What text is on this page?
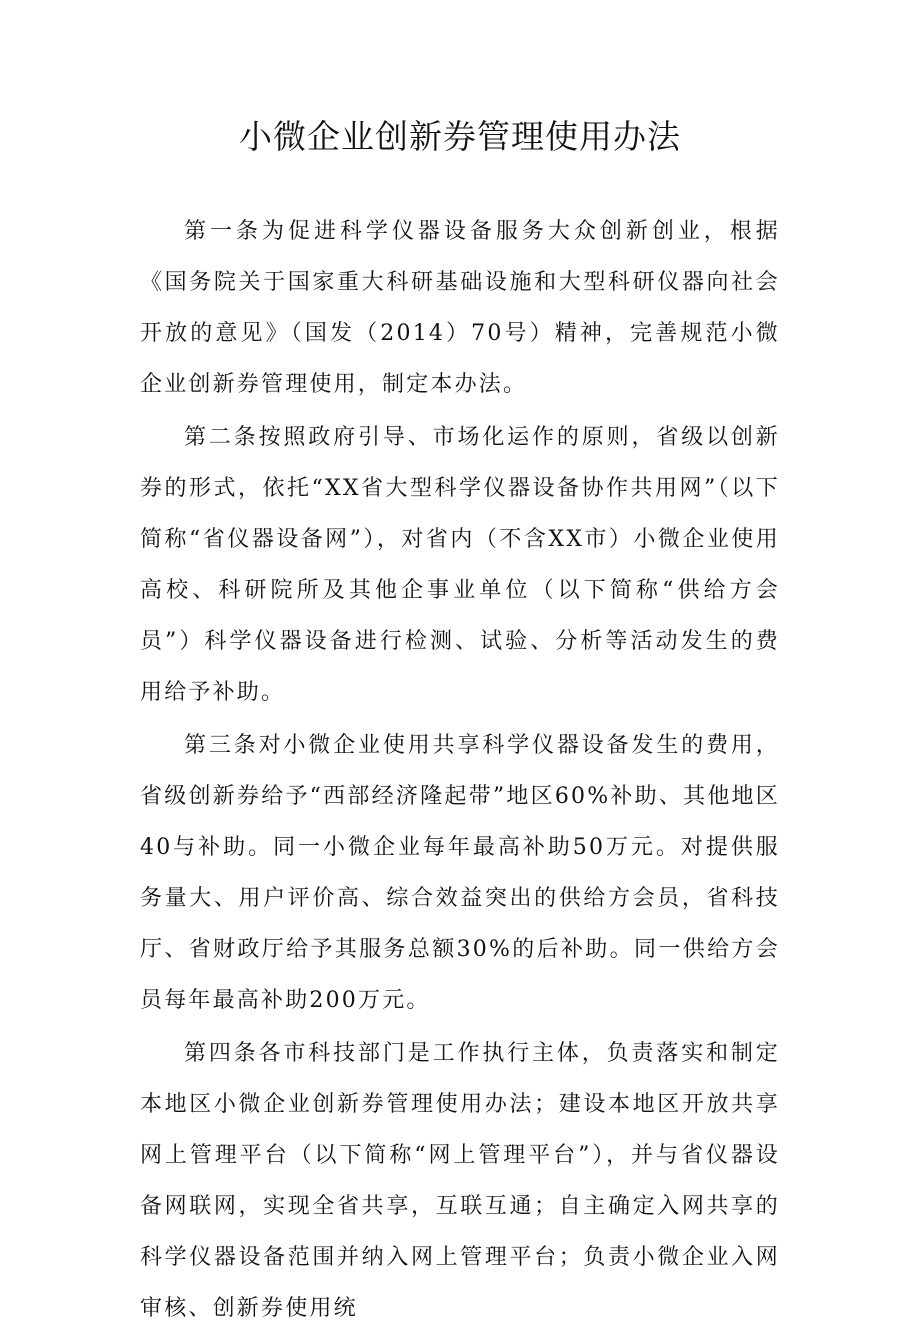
小微企业创新券管理使用办法

第一条为促进科学仪器设备服务大众创新创业，根据《国务院关于国家重大科研基础设施和大型科研仪器向社会开放的意见》（国发（2014）70号）精神，完善规范小微企业创新券管理使用，制定本办法。

第二条按照政府引导、市场化运作的原则，省级以创新券的形式，依托“XX省大型科学仪器设备协作共用网”（以下简称“省仪器设备网”），对省内（不含XX市）小微企业使用高校、科研院所及其他企事业单位（以下简称“供给方会员”）科学仪器设备进行检测、试验、分析等活动发生的费用给予补助。

第三条对小微企业使用共享科学仪器设备发生的费用，省级创新券给予“西部经济隆起带”地区60%补助、其他地区40与补助。同一小微企业每年最高补助50万元。对提供服务量大、用户评价高、综合效益突出的供给方会员，省科技厅、省财政厅给予其服务总额30%的后补助。同一供给方会员每年最高补助200万元。

第四条各市科技部门是工作执行主体，负责落实和制定本地区小微企业创新券管理使用办法；建设本地区开放共享网上管理平台（以下简称“网上管理平台”），并与省仪器设备网联网，实现全省共享，互联互通；自主确定入网共享的科学仪器设备范围并纳入网上管理平台；负责小微企业入网审核、创新券使用统
